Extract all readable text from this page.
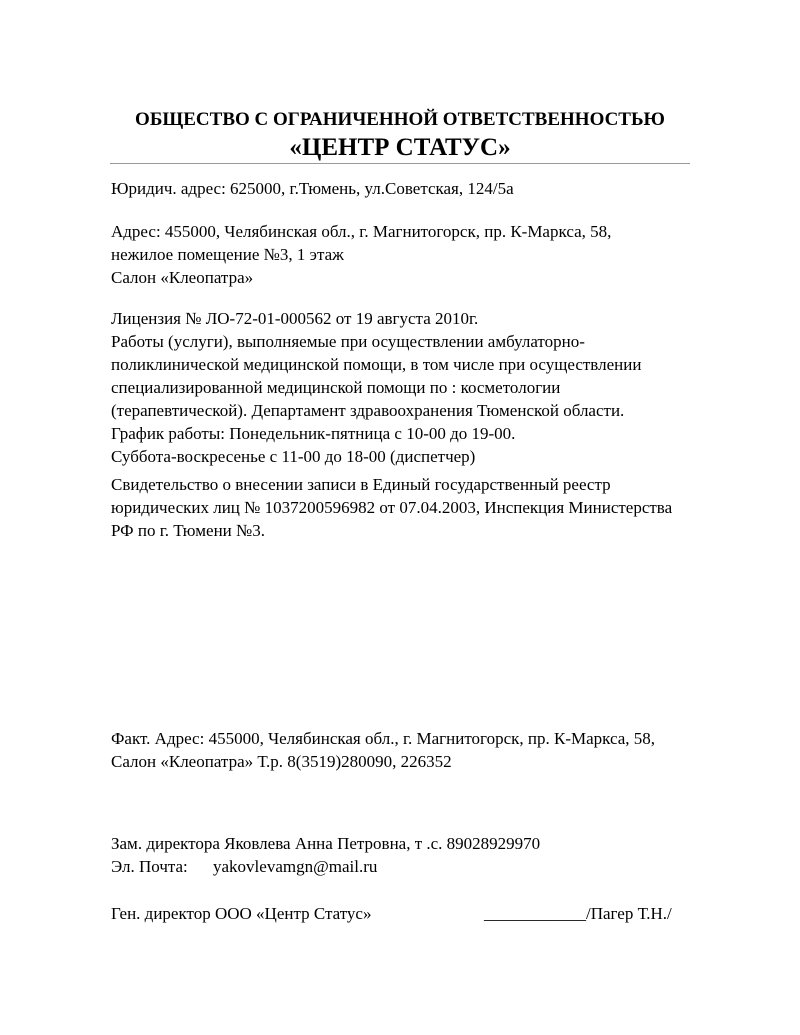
ОБЩЕСТВО С ОГРАНИЧЕННОЙ ОТВЕТСТВЕННОСТЬЮ
«ЦЕНТР СТАТУС»
Юридич. адрес: 625000, г.Тюмень, ул.Советская, 124/5а
Адрес: 455000, Челябинская обл., г. Магнитогорск, пр. К-Маркса, 58,
нежилое помещение №3, 1 этаж
Салон «Клеопатра»
Лицензия № ЛО-72-01-000562 от 19 августа 2010г.
Работы (услуги), выполняемые при осуществлении амбулаторно-
поликлинической медицинской помощи, в том числе при осуществлении
специализированной медицинской помощи по : косметологии
(терапевтической). Департамент здравоохранения Тюменской области.
График работы: Понедельник-пятница с 10-00 до 19-00.
Суббота-воскресенье с 11-00 до 18-00 (диспетчер)
Свидетельство о внесении записи в Единый государственный реестр
юридических лиц № 1037200596982 от 07.04.2003, Инспекция Министерства
РФ по г. Тюмени №3.
Факт. Адрес: 455000, Челябинская обл., г. Магнитогорск, пр. К-Маркса, 58,
Салон «Клеопатра» Т.р. 8(3519)280090, 226352
Зам. директора Яковлева Анна Петровна, т .с. 89028929970
Эл. Почта: yakovlevamgn@mail.ru
Ген. директор ООО «Центр Статус»	____________/Пагер Т.Н./
